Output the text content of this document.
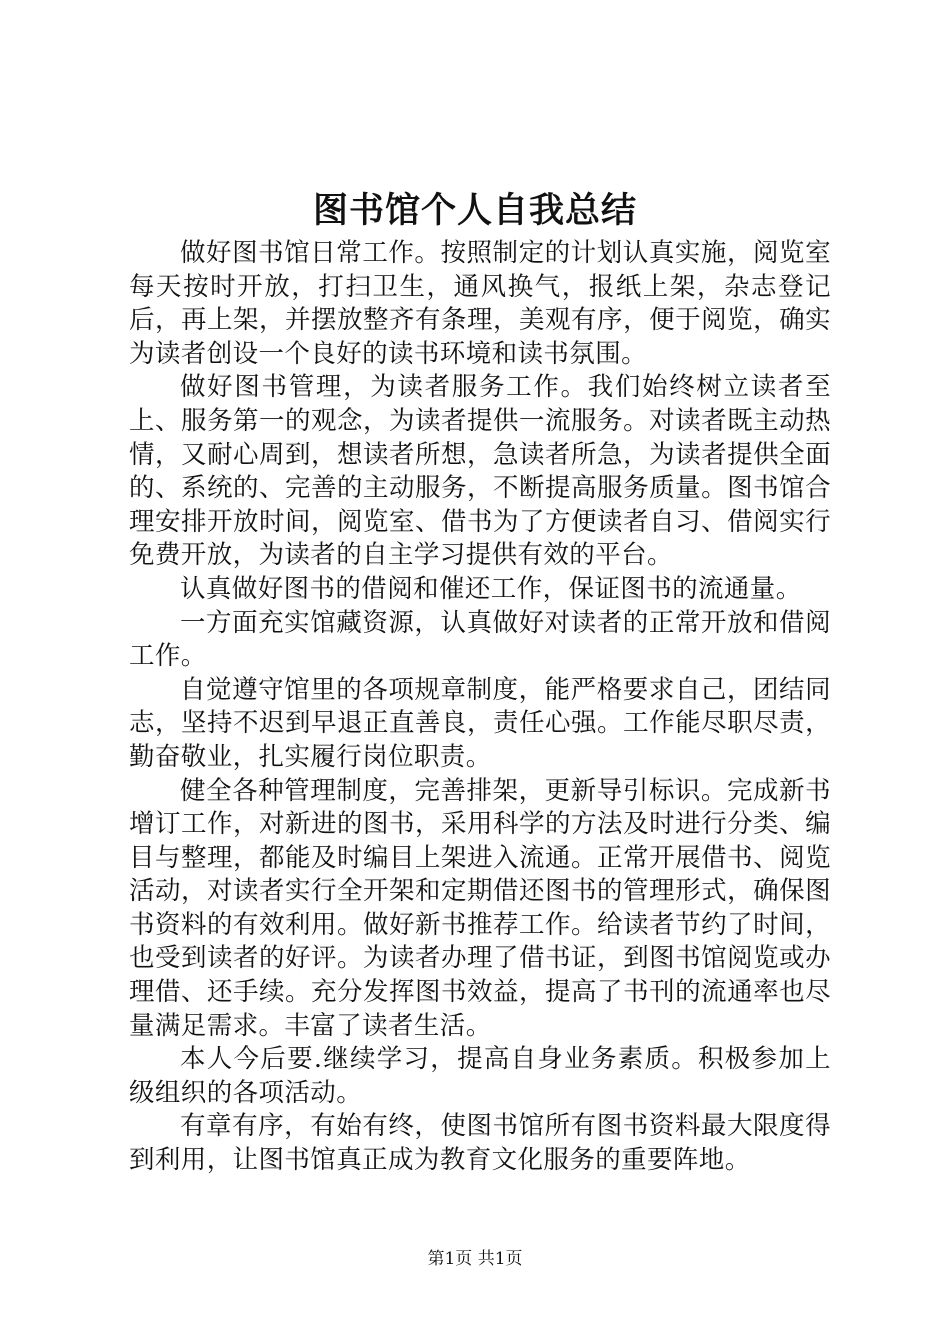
图书馆个人自我总结

做好图书馆日常工作。按照制定的计划认真实施，阅览室每天按时开放，打扫卫生，通风换气，报纸上架，杂志登记后，再上架，并摆放整齐有条理，美观有序，便于阅览，确实为读者创设一个良好的读书环境和读书氛围。

做好图书管理，为读者服务工作。我们始终树立读者至上、服务第一的观念，为读者提供一流服务。对读者既主动热情，又耐心周到，想读者所想，急读者所急，为读者提供全面的、系统的、完善的主动服务，不断提高服务质量。图书馆合理安排开放时间，阅览室、借书为了方便读者自习、借阅实行免费开放，为读者的自主学习提供有效的平台。

认真做好图书的借阅和催还工作，保证图书的流通量。

一方面充实馆藏资源，认真做好对读者的正常开放和借阅工作。

自觉遵守馆里的各项规章制度，能严格要求自己，团结同志，坚持不迟到早退正直善良，责任心强。工作能尽职尽责，勤奋敬业，扎实履行岗位职责。

健全各种管理制度，完善排架，更新导引标识。完成新书增订工作，对新进的图书，采用科学的方法及时进行分类、编目与整理，都能及时编目上架进入流通。正常开展借书、阅览活动，对读者实行全开架和定期借还图书的管理形式，确保图书资料的有效利用。做好新书推荐工作。给读者节约了时间，也受到读者的好评。为读者办理了借书证，到图书馆阅览或办理借、还手续。充分发挥图书效益，提高了书刊的流通率也尽量满足需求。丰富了读者生活。

本人今后要.继续学习，提高自身业务素质。积极参加上级组织的各项活动。

有章有序，有始有终，使图书馆所有图书资料最大限度得到利用，让图书馆真正成为教育文化服务的重要阵地。

第1页 共1页
